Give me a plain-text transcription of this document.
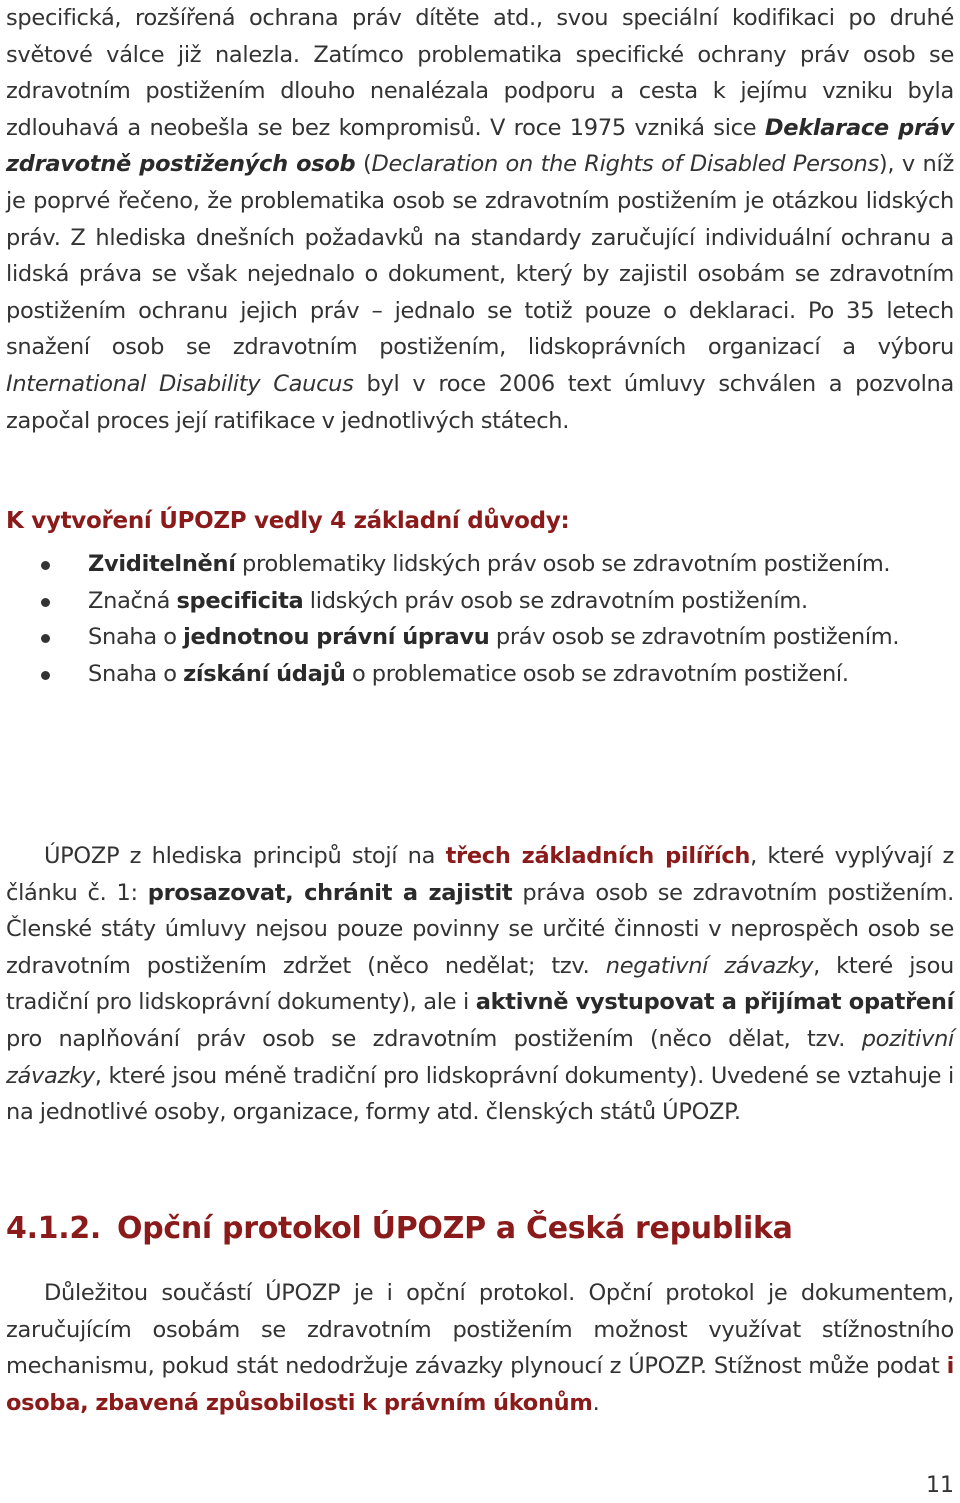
specifická, rozšířená ochrana práv dítěte atd., svou speciální kodifikaci po druhé světové válce již nalezla. Zatímco problematika specifické ochrany práv osob se zdravotním postižením dlouho nenalézala podporu a cesta k jejímu vzniku byla zdlouhavá a neobešla se bez kompromisů. V roce 1975 vzniká sice Deklarace práv zdravotně postižených osob (Declaration on the Rights of Disabled Persons), v níž je poprvé řečeno, že problematika osob se zdravotním postižením je otázkou lidských práv. Z hlediska dnešních požadavků na standardy zaručující individuální ochranu a lidská práva se však nejednalo o dokument, který by zajistil osobám se zdravotním postižením ochranu jejich práv – jednalo se totiž pouze o deklaraci. Po 35 letech snažení osob se zdravotním postižením, lidskoprávních organizací a výboru International Disability Caucus byl v roce 2006 text úmluvy schválen a pozvolna započal proces její ratifikace v jednotlivých státech.

K vytvoření ÚPOZP vedly 4 základní důvody:
Zviditelnění problematiky lidských práv osob se zdravotním postižením.
Značná specificita lidských práv osob se zdravotním postižením.
Snaha o jednotnou právní úpravu práv osob se zdravotním postižením.
Snaha o získání údajů o problematice osob se zdravotním postižení.

ÚPOZP z hlediska principů stojí na třech základních pilířích, které vyplývají z článku č. 1: prosazovat, chránit a zajistit práva osob se zdravotním postižením. Členské státy úmluvy nejsou pouze povinny se určité činnosti v neprospěch osob se zdravotním postižením zdržet (něco nedělat; tzv. negativní závazky, které jsou tradiční pro lidskoprávní dokumenty), ale i aktivně vystupovat a přijímat opatření pro naplňování práv osob se zdravotním postižením (něco dělat, tzv. pozitivní závazky, které jsou méně tradiční pro lidskoprávní dokumenty). Uvedené se vztahuje i na jednotlivé osoby, organizace, formy atd. členských států ÚPOZP.

4.1.2. Opční protokol ÚPOZP a Česká republika

Důležitou součástí ÚPOZP je i opční protokol. Opční protokol je dokumentem, zaručujícím osobám se zdravotním postižením možnost využívat stížnostního mechanismu, pokud stát nedodržuje závazky plynoucí z ÚPOZP. Stížnost může podat i osoba, zbavená způsobilosti k právním úkonům.

11
